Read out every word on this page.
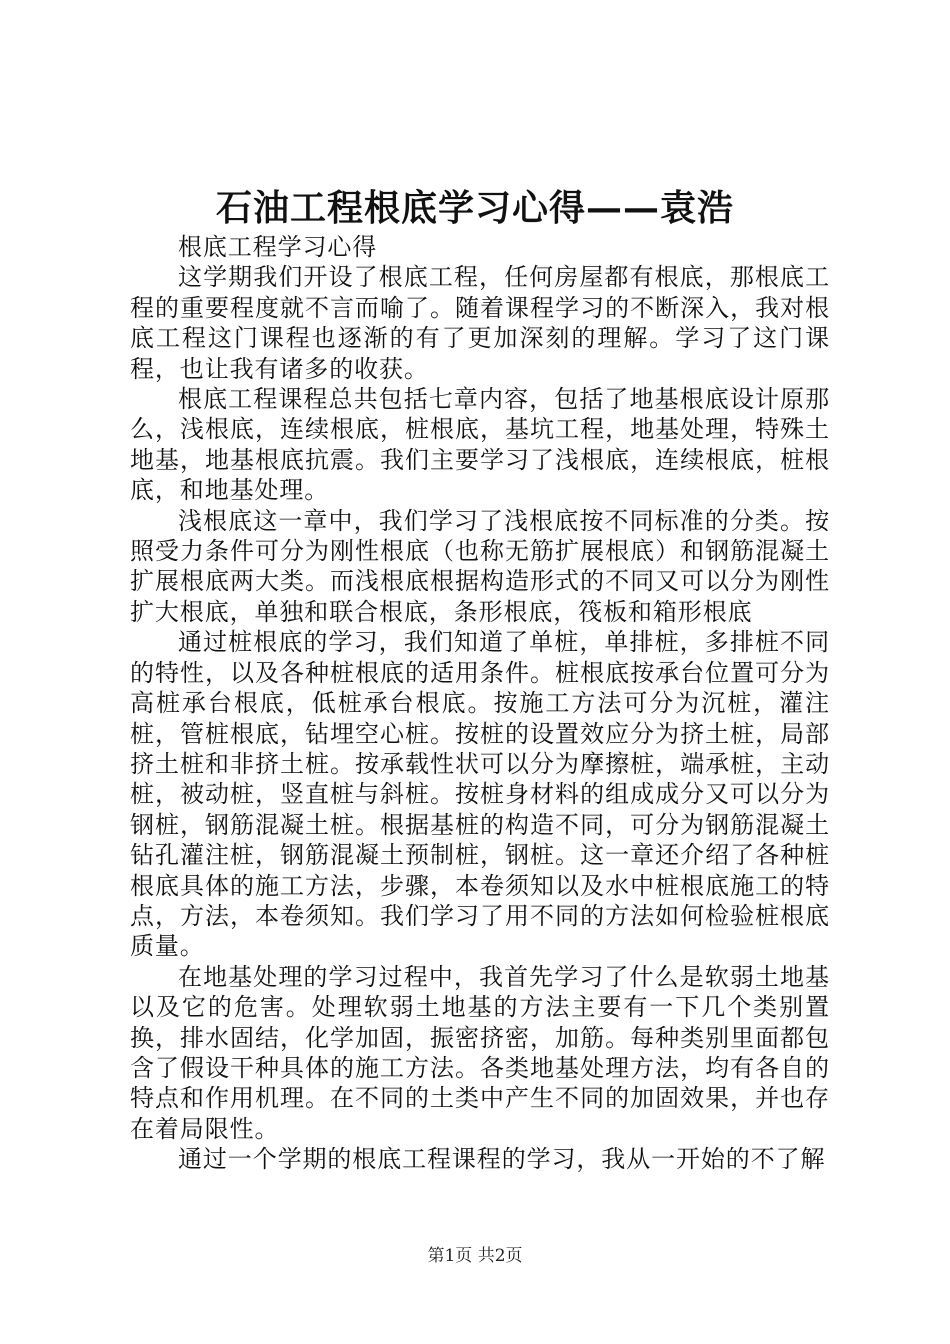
石油工程根底学习心得——袁浩

根底工程学习心得

这学期我们开设了根底工程，任何房屋都有根底，那根底工程的重要程度就不言而喻了。随着课程学习的不断深入，我对根底工程这门课程也逐渐的有了更加深刻的理解。学习了这门课程，也让我有诸多的收获。

根底工程课程总共包括七章内容，包括了地基根底设计原那么，浅根底，连续根底，桩根底，基坑工程，地基处理，特殊土地基，地基根底抗震。我们主要学习了浅根底，连续根底，桩根底，和地基处理。

浅根底这一章中，我们学习了浅根底按不同标准的分类。按照受力条件可分为刚性根底（也称无筋扩展根底）和钢筋混凝土扩展根底两大类。而浅根底根据构造形式的不同又可以分为刚性扩大根底，单独和联合根底，条形根底，筏板和箱形根底

通过桩根底的学习，我们知道了单桩，单排桩，多排桩不同的特性，以及各种桩根底的适用条件。桩根底按承台位置可分为高桩承台根底，低桩承台根底。按施工方法可分为沉桩，灌注桩，管桩根底，钻埋空心桩。按桩的设置效应分为挤土桩，局部挤土桩和非挤土桩。按承载性状可以分为摩擦桩，端承桩，主动桩，被动桩，竖直桩与斜桩。按桩身材料的组成成分又可以分为钢桩，钢筋混凝土桩。根据基桩的构造不同，可分为钢筋混凝土钻孔灌注桩，钢筋混凝土预制桩，钢桩。这一章还介绍了各种桩根底具体的施工方法，步骤，本卷须知以及水中桩根底施工的特点，方法，本卷须知。我们学习了用不同的方法如何检验桩根底质量。

在地基处理的学习过程中，我首先学习了什么是软弱土地基以及它的危害。处理软弱土地基的方法主要有一下几个类别置换，排水固结，化学加固，振密挤密，加筋。每种类别里面都包含了假设干种具体的施工方法。各类地基处理方法，均有各自的特点和作用机理。在不同的土类中产生不同的加固效果，并也存在着局限性。

通过一个学期的根底工程课程的学习，我从一开始的不了解

第1页 共2页
